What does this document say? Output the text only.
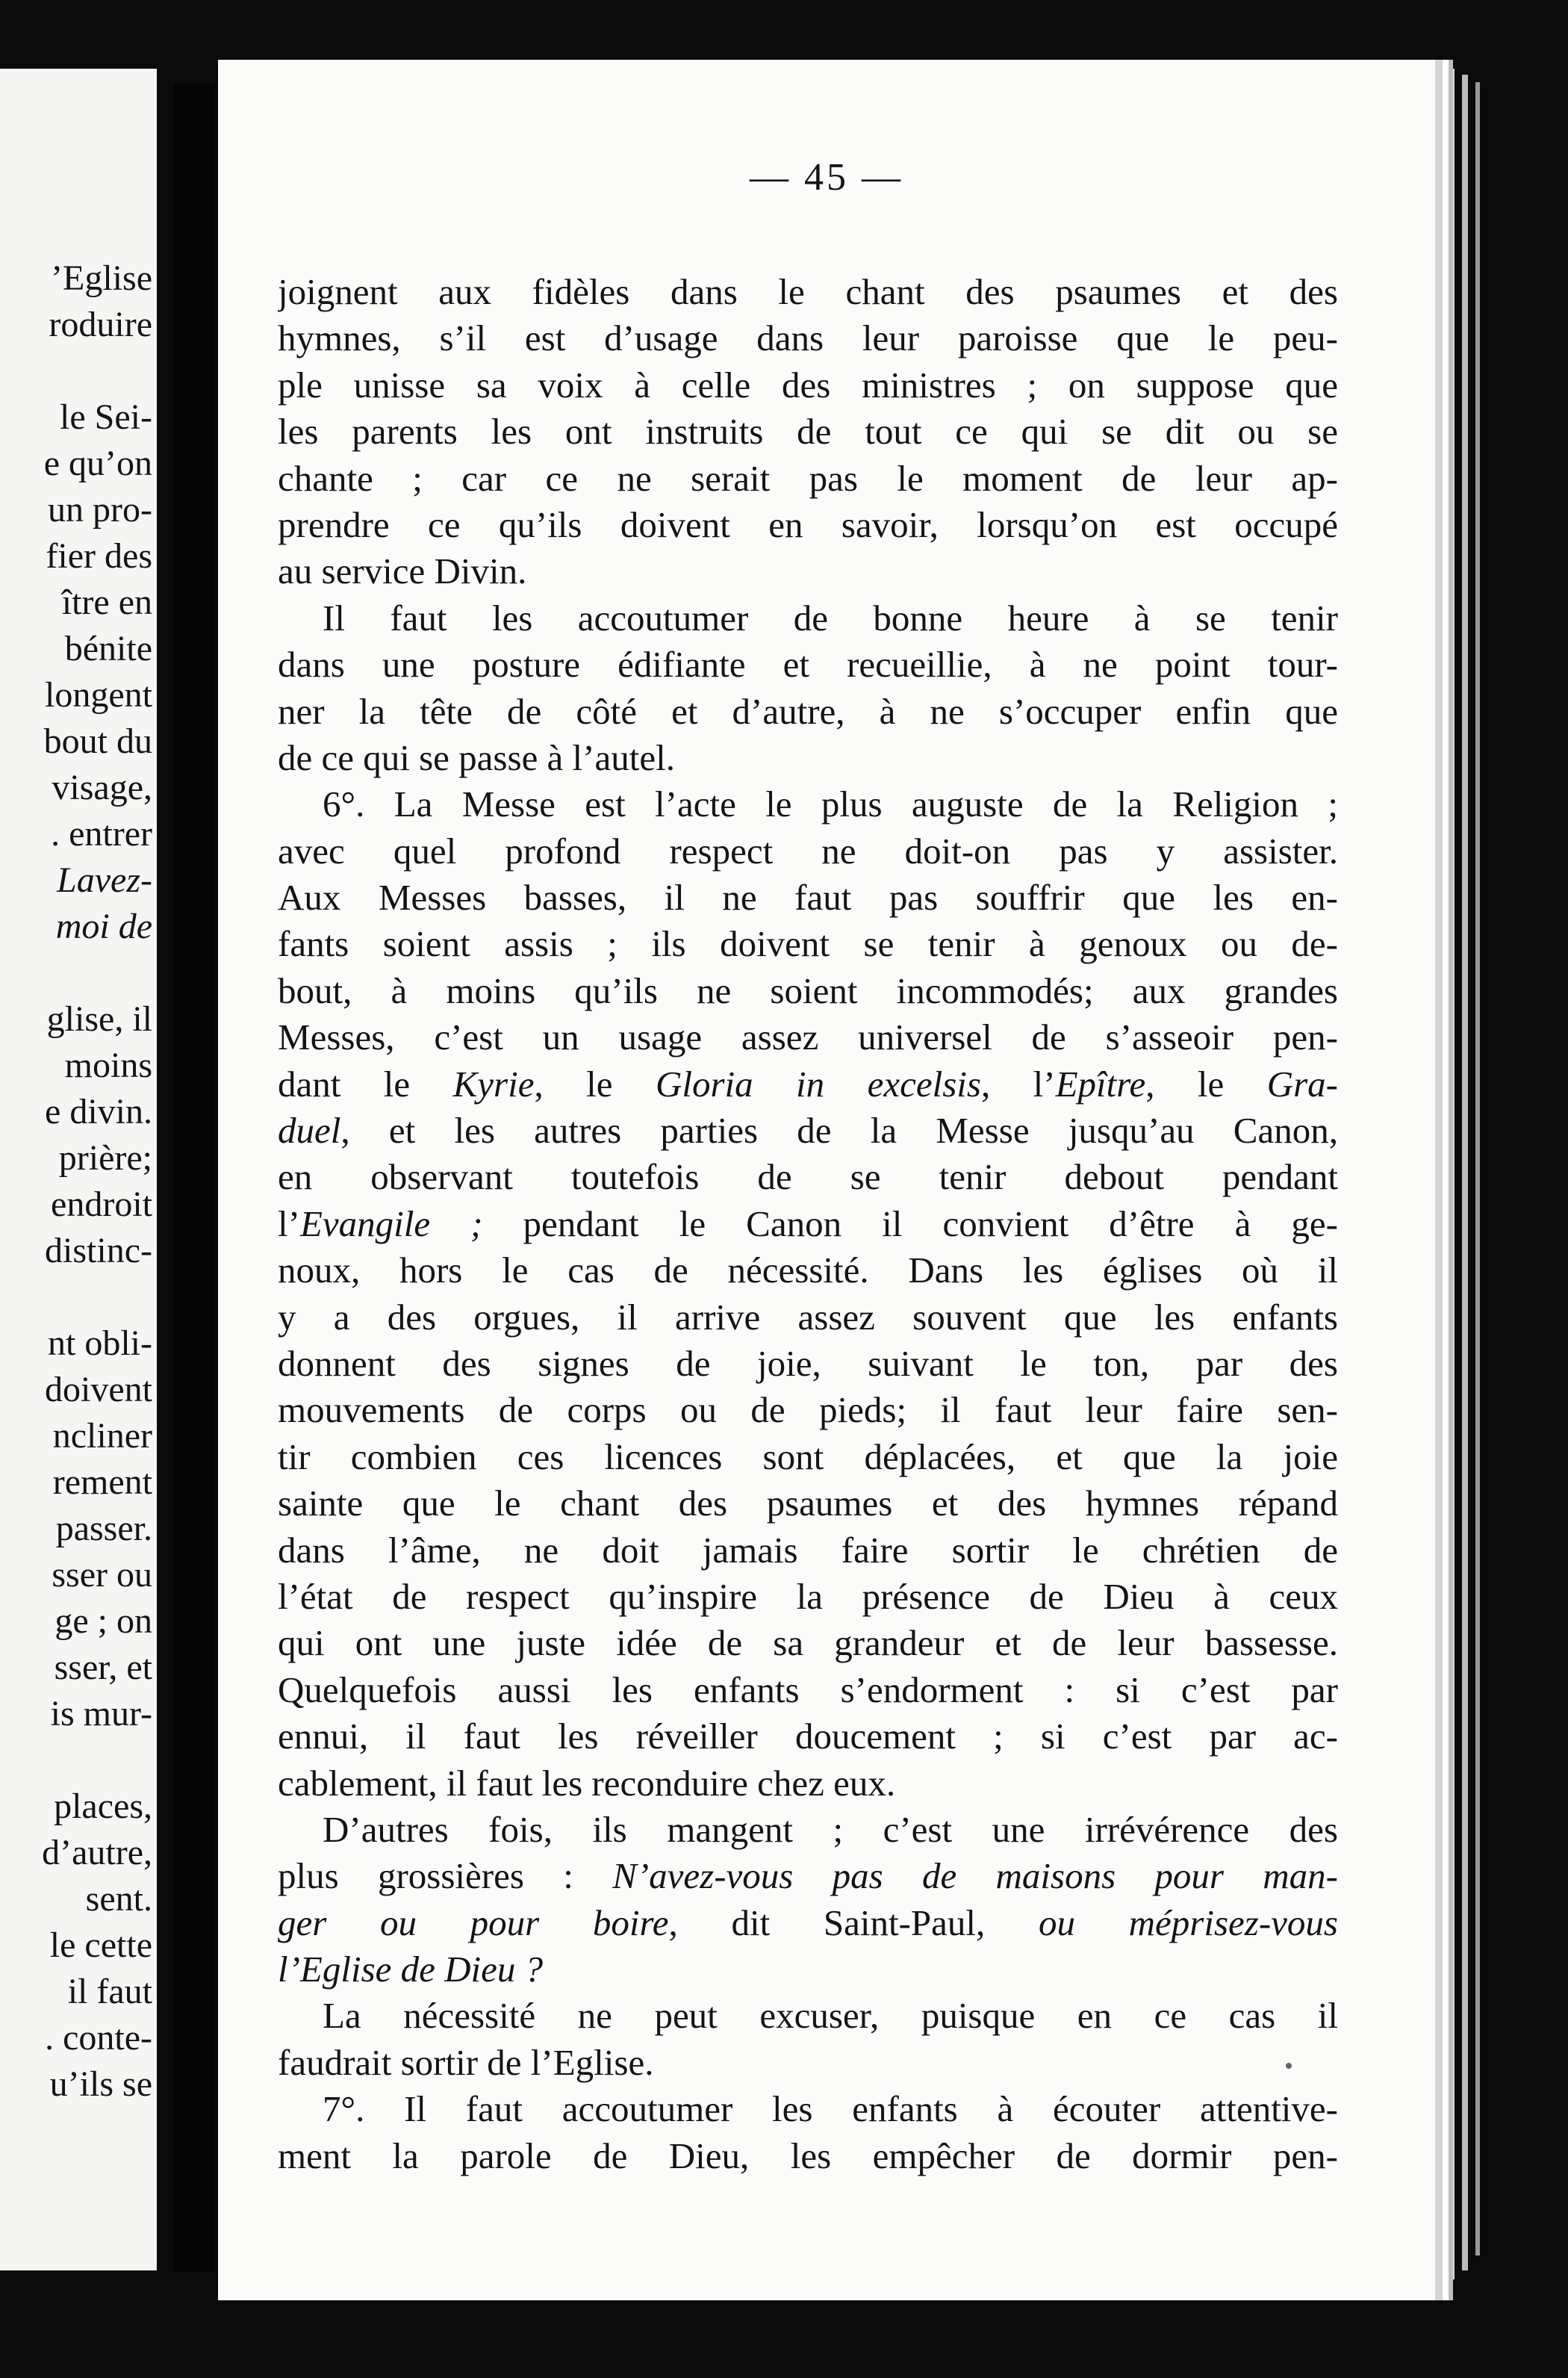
’Eglise
roduire
le Sei-
e qu’on
un pro-
fier des
ître en
bénite
longent
bout du
visage,
. entrer
Lavez-
moi de
glise, il
moins
e divin.
prière;
endroit
distinc-
nt obli-
doivent
ncliner
rement
passer.
sser ou
ge ; on
sser, et
is mur-
places,
d’autre,
sent.
le cette
il faut
. conte-
u’ils se
— 45 —
joignent aux fidèles dans le chant des psaumes et des
hymnes, s’il est d’usage dans leur paroisse que le peu-
ple unisse sa voix à celle des ministres ; on suppose que
les parents les ont instruits de tout ce qui se dit ou se
chante ; car ce ne serait pas le moment de leur ap-
prendre ce qu’ils doivent en savoir, lorsqu’on est occupé
au service Divin.
Il faut les accoutumer de bonne heure à se tenir
dans une posture édifiante et recueillie, à ne point tour-
ner la tête de côté et d’autre, à ne s’occuper enfin que
de ce qui se passe à l’autel.
6°. La Messe est l’acte le plus auguste de la Religion ;
avec quel profond respect ne doit-on pas y assister.
Aux Messes basses, il ne faut pas souffrir que les en-
fants soient assis ; ils doivent se tenir à genoux ou de-
bout, à moins qu’ils ne soient incommodés; aux grandes
Messes, c’est un usage assez universel de s’asseoir pen-
dant le Kyrie, le Gloria in excelsis, l’Epître, le Gra-
duel, et les autres parties de la Messe jusqu’au Canon,
en observant toutefois de se tenir debout pendant
l’Evangile ; pendant le Canon il convient d’être à ge-
noux, hors le cas de nécessité. Dans les églises où il
y a des orgues, il arrive assez souvent que les enfants
donnent des signes de joie, suivant le ton, par des
mouvements de corps ou de pieds; il faut leur faire sen-
tir combien ces licences sont déplacées, et que la joie
sainte que le chant des psaumes et des hymnes répand
dans l’âme, ne doit jamais faire sortir le chrétien de
l’état de respect qu’inspire la présence de Dieu à ceux
qui ont une juste idée de sa grandeur et de leur bassesse.
Quelquefois aussi les enfants s’endorment : si c’est par
ennui, il faut les réveiller doucement ; si c’est par ac-
cablement, il faut les reconduire chez eux.
D’autres fois, ils mangent ; c’est une irrévérence des
plus grossières : N’avez-vous pas de maisons pour man-
ger ou pour boire, dit Saint-Paul, ou méprisez-vous
l’Eglise de Dieu ?
La nécessité ne peut excuser, puisque en ce cas il
faudrait sortir de l’Eglise.
7°. Il faut accoutumer les enfants à écouter attentive-
ment la parole de Dieu, les empêcher de dormir pen-
